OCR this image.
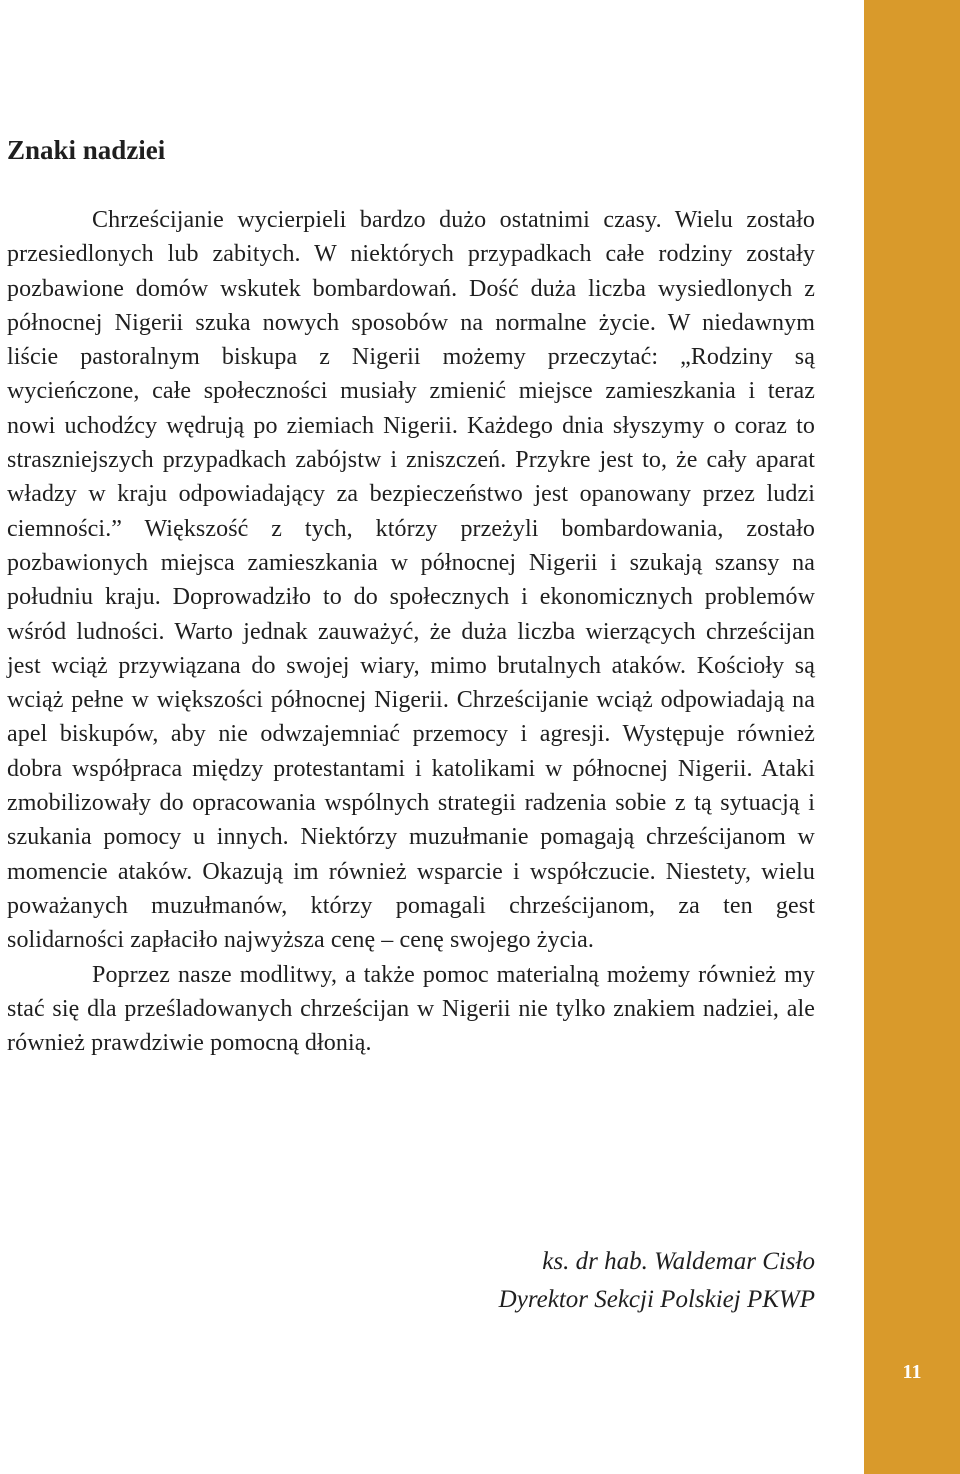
11
Znaki nadziei

Chrześcijanie wycierpieli bardzo dużo ostatnimi czasy. Wielu zostało przesiedlonych lub zabitych. W niektórych przypadkach całe rodziny zostały pozbawione domów wskutek bombardowań. Dość duża liczba wysiedlonych z północnej Nigerii szuka nowych sposobów na normalne życie. W niedawnym liście pastoralnym biskupa z Nigerii możemy przeczytać: „Rodziny są wycieńczone, całe społeczności musiały zmienić miejsce zamieszkania i teraz nowi uchodźcy wędrują po ziemiach Nigerii. Każdego dnia słyszymy o coraz to straszniejszych przypadkach zabójstw i zniszczeń. Przykre jest to, że cały aparat władzy w kraju odpowiadający za bezpieczeństwo jest opanowany przez ludzi ciemności.” Większość z tych, którzy przeżyli bombardowania, zostało pozbawionych miejsca zamieszkania w północnej Nigerii i szukają szansy na południu kraju. Doprowadziło to do społecznych i ekonomicznych problemów wśród ludności. Warto jednak zauważyć, że duża liczba wierzących chrześcijan jest wciąż przywiązana do swojej wiary, mimo brutalnych ataków. Kościoły są wciąż pełne w większości północnej Nigerii. Chrześcijanie wciąż odpowiadają na apel biskupów, aby nie odwzajemniać przemocy i agresji. Występuje również dobra współpraca między protestantami i katolikami w północnej Nigerii. Ataki zmobilizowały do opracowania wspólnych strategii radzenia sobie z tą sytuacją i szukania pomocy u innych. Niektórzy muzułmanie pomagają chrześcijanom w momencie ataków. Okazują im również wsparcie i współczucie. Niestety, wielu poważanych muzułmanów, którzy pomagali chrześcijanom, za ten gest solidarności zapłaciło najwyższa cenę – cenę swojego życia.

Poprzez nasze modlitwy, a także pomoc materialną możemy również my stać się dla prześladowanych chrześcijan w Nigerii nie tylko znakiem nadziei, ale również prawdziwie pomocną dłonią.

ks. dr hab. Waldemar Cisło
Dyrektor Sekcji Polskiej PKWP
